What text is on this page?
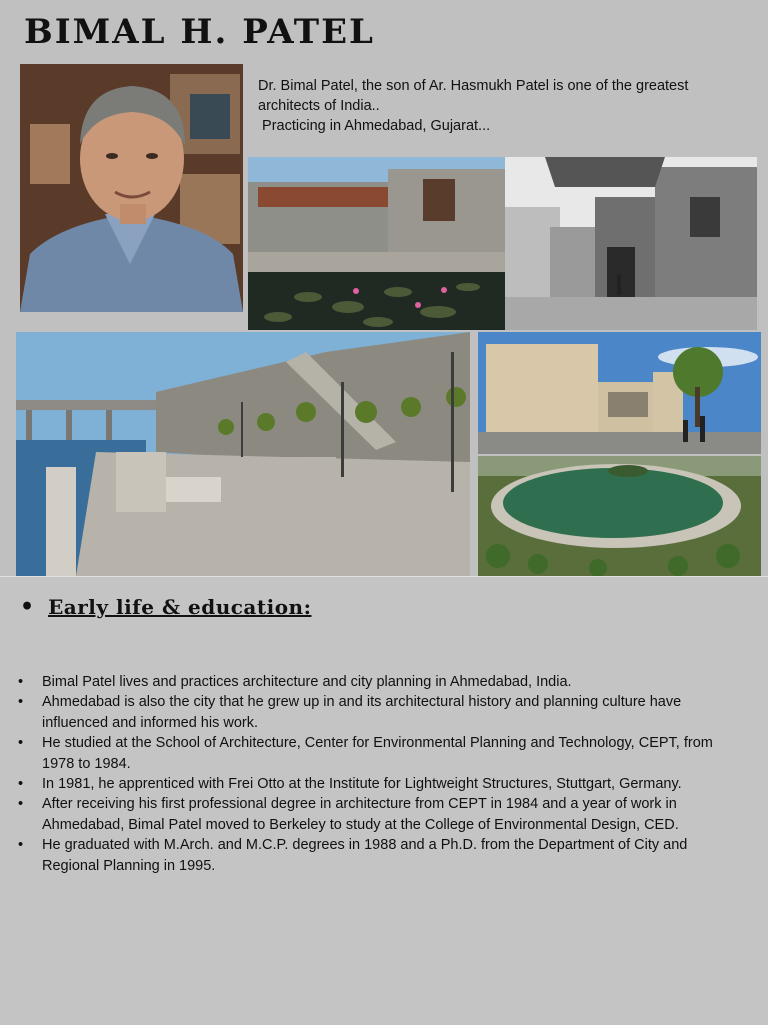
BIMAL H. PATEL
Dr. Bimal Patel, the son of Ar. Hasmukh Patel is one of the greatest
architects of India..
Practicing in Ahmedabad, Gujarat...
• Early life & education:
• Bimal Patel lives and practices architecture and city planning in Ahmedabad, India.
• Ahmedabad is also the city that he grew up in and its architectural history and planning culture have influenced and informed his work.
• He studied at the School of Architecture, Center for Environmental Planning and Technology, CEPT, from 1978 to 1984.
• In 1981, he apprenticed with Frei Otto at the Institute for Lightweight Structures, Stuttgart, Germany.
• After receiving his first professional degree in architecture from CEPT in 1984 and a year of work in Ahmedabad, Bimal Patel moved to Berkeley to study at the College of Environmental Design, CED.
• He graduated with M.Arch. and M.C.P. degrees in 1988 and a Ph.D. from the Department of City and Regional Planning in 1995.
